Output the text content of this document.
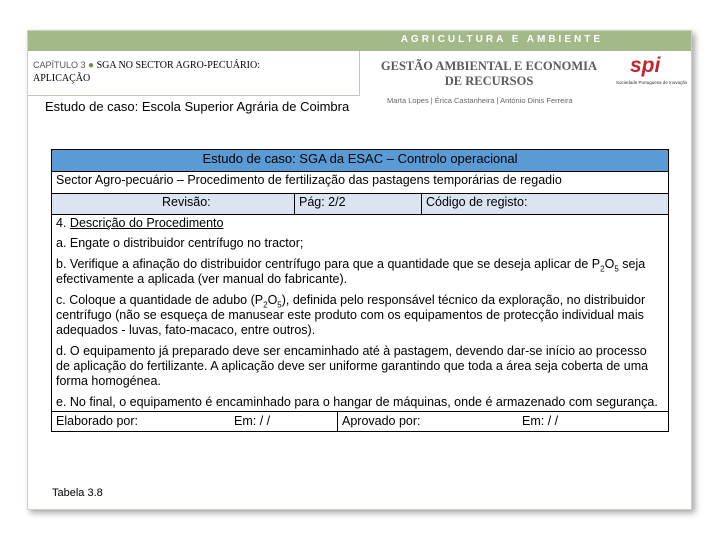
AGRICULTURA E AMBIENTE
CAPÍTULO 3 ● SGA NO SECTOR AGRO-PECUÁRIO:
APLICAÇÃO
GESTÃO AMBIENTAL E ECONOMIA
DE RECURSOS
Marta Lopes | Érica Castanheira | António Dinis Ferreira
spi
Sociedade Portuguesa de Inovação
Estudo de caso: Escola Superior Agrária de Coimbra
Estudo de caso: SGA da ESAC – Controlo operacional
Sector Agro-pecuário – Procedimento de fertilização das pastagens temporárias de regadio
Revisão:	Pág: 2/2	Código de registo:

4. Descrição do Procedimento

a. Engate o distribuidor centrífugo no tractor;

b. Verifique a afinação do distribuidor centrífugo para que a quantidade que se deseja aplicar de $P_2O_5$ seja efectivamente a aplicada (ver manual do fabricante).

c. Coloque a quantidade de adubo $(P_2O_5)$, definida pelo responsável técnico da exploração, no distribuidor centrífugo (não se esqueça de manusear este produto com os equipamentos de protecção individual mais adequados - luvas, fato-macaco, entre outros).

d. O equipamento já preparado deve ser encaminhado até à pastagem, devendo dar-se início ao processo de aplicação do fertilizante. A aplicação deve ser uniforme garantindo que toda a área seja coberta de uma forma homogénea.

e. No final, o equipamento é encaminhado para o hangar de máquinas, onde é armazenado com segurança.

Elaborado por:	Em: / /	Aprovado por:	Em: / /
Tabela 3.8
